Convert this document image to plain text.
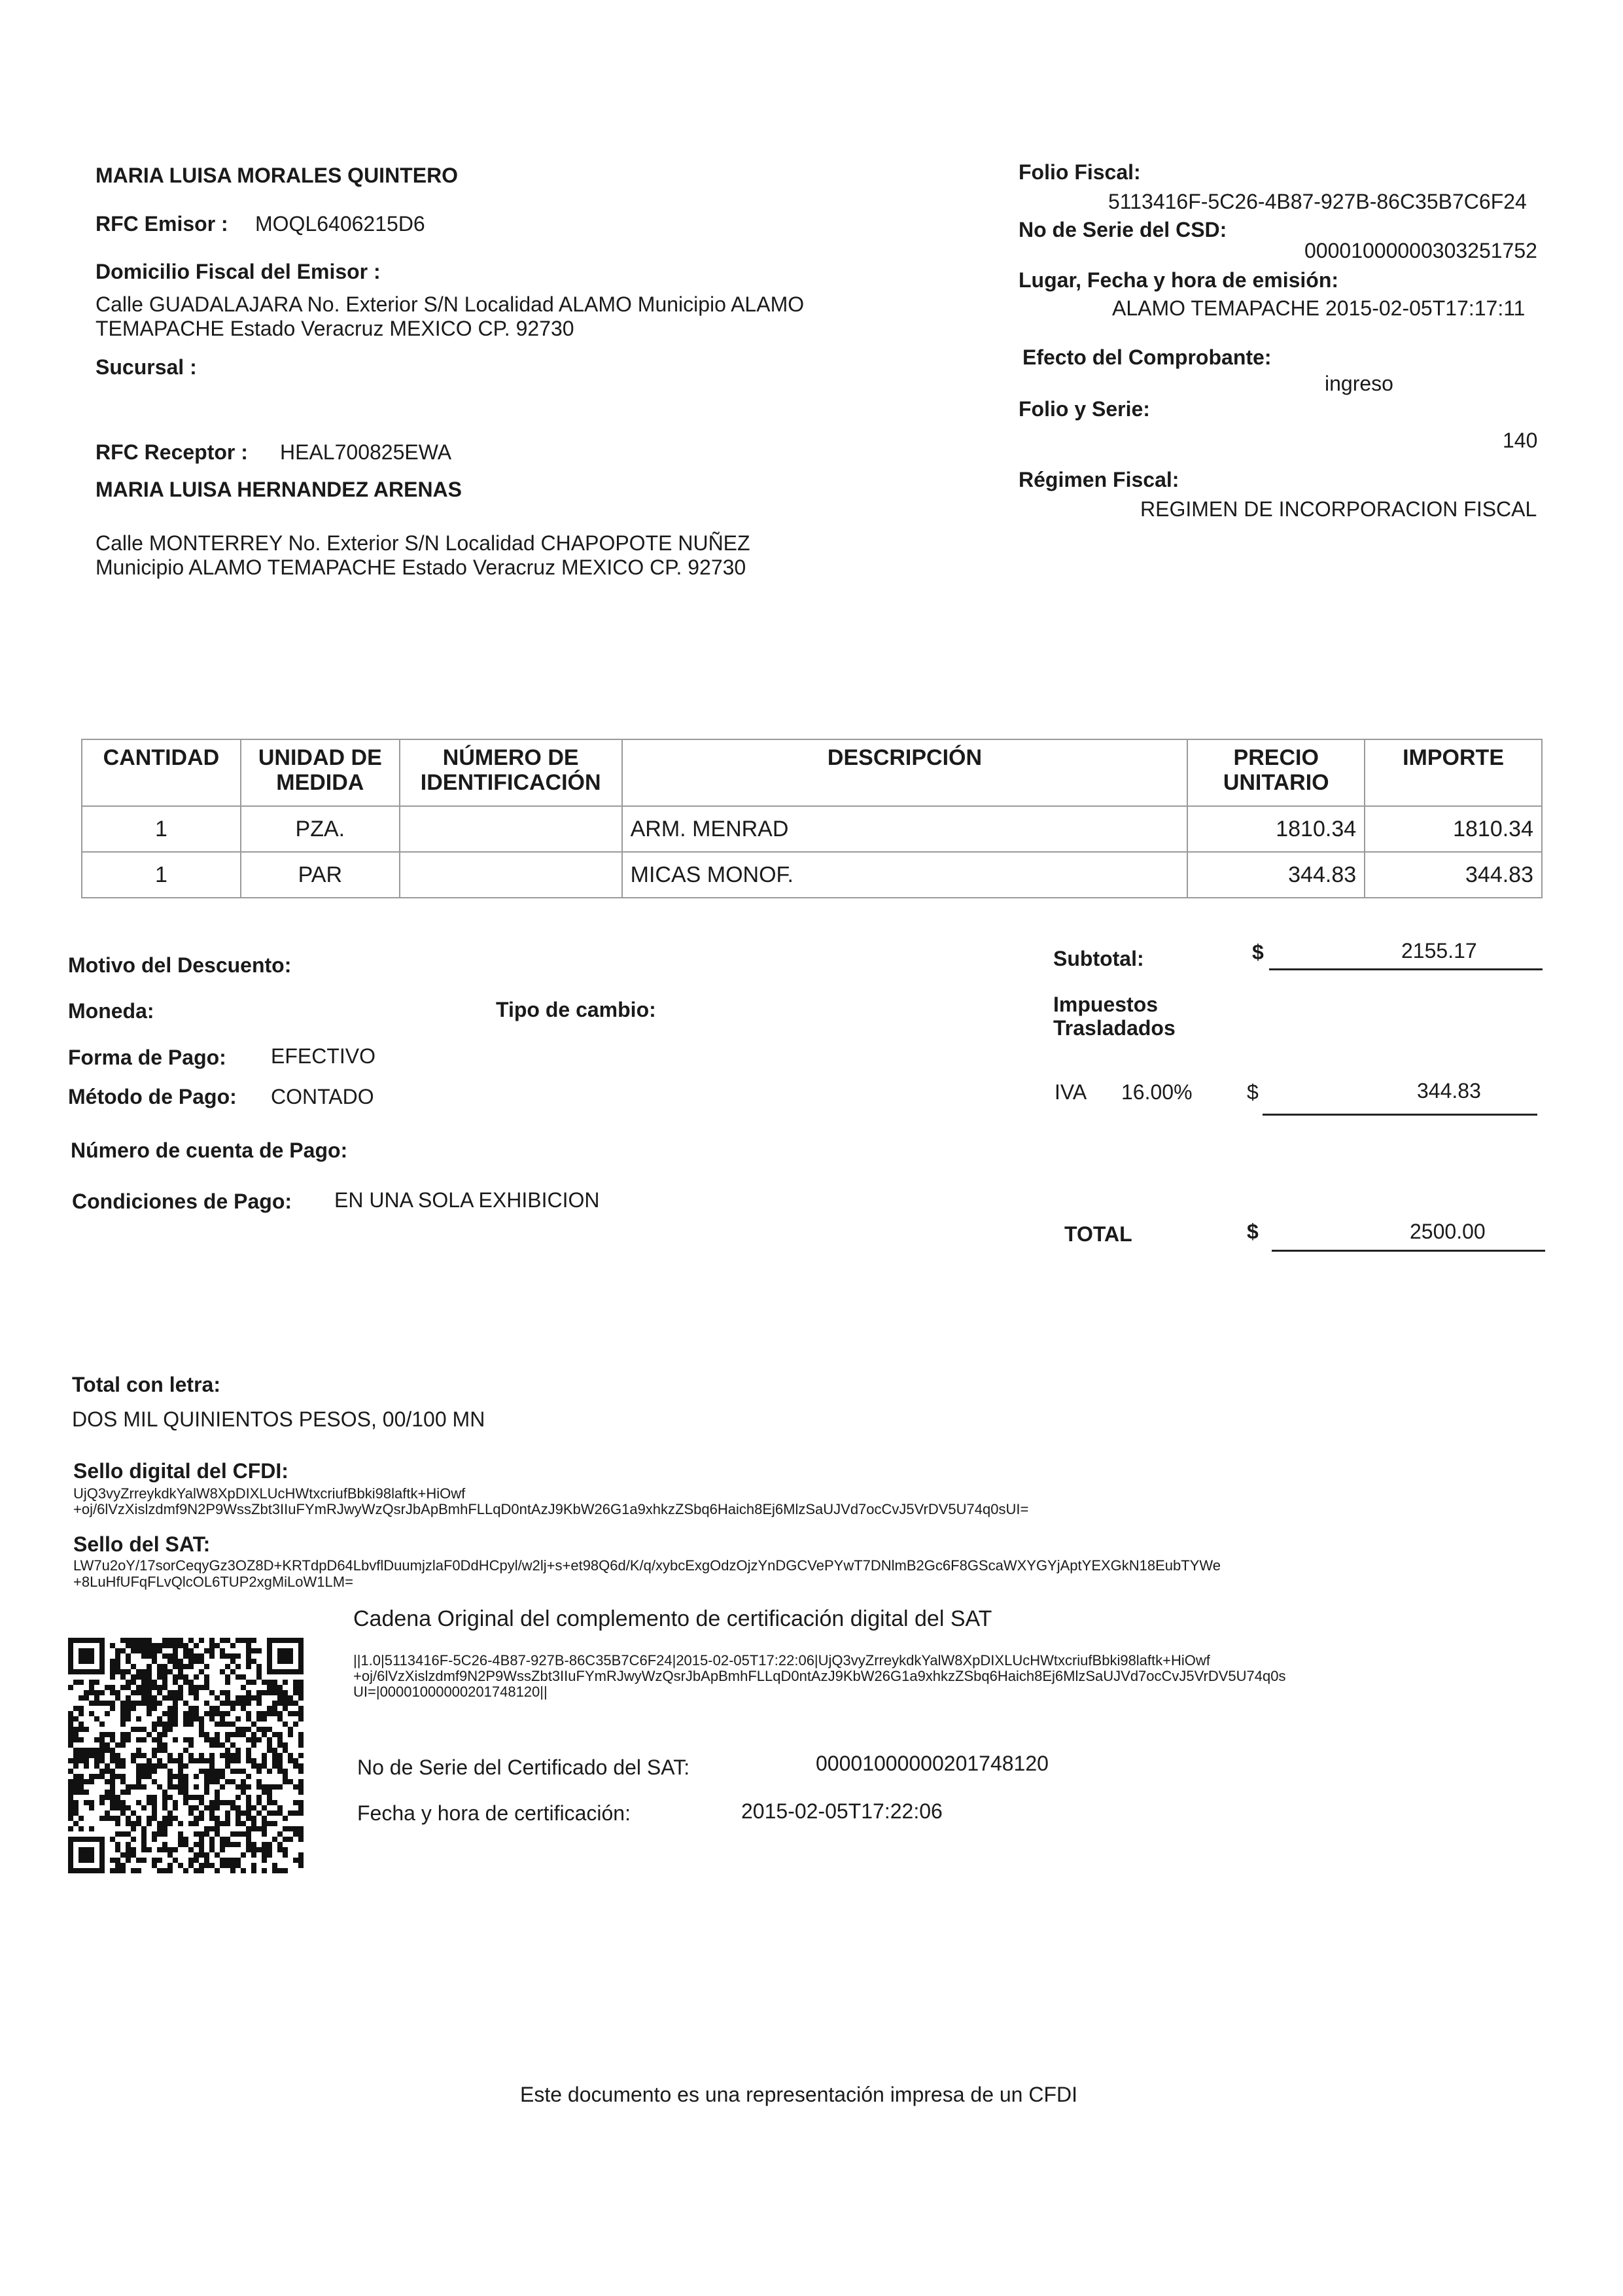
MARIA LUISA MORALES QUINTERO
RFC Emisor : MOQL6406215D6
Domicilio Fiscal del Emisor :
Calle GUADALAJARA No. Exterior S/N Localidad ALAMO Municipio ALAMO
TEMAPACHE Estado Veracruz MEXICO CP. 92730
Sucursal :
RFC Receptor : HEAL700825EWA
MARIA LUISA HERNANDEZ ARENAS
Calle MONTERREY No. Exterior S/N Localidad CHAPOPOTE NUÑEZ
Municipio ALAMO TEMAPACHE Estado Veracruz MEXICO CP. 92730
Folio Fiscal:
5113416F-5C26-4B87-927B-86C35B7C6F24
No de Serie del CSD:
00001000000303251752
Lugar, Fecha y hora de emisión:
ALAMO TEMAPACHE 2015-02-05T17:17:11
Efecto del Comprobante:
ingreso
Folio y Serie:
140
Régimen Fiscal:
REGIMEN DE INCORPORACION FISCAL
CANTIDAD	UNIDAD DE MEDIDA	NÚMERO DE IDENTIFICACIÓN	DESCRIPCIÓN	PRECIO UNITARIO	IMPORTE
1	PZA.		ARM. MENRAD	1810.34	1810.34
1	PAR		MICAS MONOF.	344.83	344.83
Motivo del Descuento:
Moneda:	Tipo de cambio:
Forma de Pago: EFECTIVO
Método de Pago: CONTADO
Número de cuenta de Pago:
Condiciones de Pago: EN UNA SOLA EXHIBICION
Subtotal:	$	2155.17
Impuestos
Trasladados
IVA 16.00%	$	344.83
TOTAL	$	2500.00
Total con letra:
DOS MIL QUINIENTOS PESOS, 00/100 MN
Sello digital del CFDI:
UjQ3vyZrreykdkYalW8XpDIXLUcHWtxcriufBbki98laftk+HiOwf
+oj/6lVzXislzdmf9N2P9WssZbt3IIuFYmRJwyWzQsrJbApBmhFLLqD0ntAzJ9KbW26G1a9xhkzZSbq6Haich8Ej6MlzSaUJVd7ocCvJ5VrDV5U74q0sUI=
Sello del SAT:
LW7u2oY/17sorCeqyGz3OZ8D+KRTdpD64LbvflDuumjzlaF0DdHCpyl/w2lj+s+et98Q6d/K/q/xybcExgOdzOjzYnDGCVePYwT7DNlmB2Gc6F8GScaWXYGYjAptYEXGkN18EubTYWe
+8LuHfUFqFLvQlcOL6TUP2xgMiLoW1LM=
Cadena Original del complemento de certificación digital del SAT
||1.0|5113416F-5C26-4B87-927B-86C35B7C6F24|2015-02-05T17:22:06|UjQ3vyZrreykdkYalW8XpDIXLUcHWtxcriufBbki98laftk+HiOwf
+oj/6lVzXislzdmf9N2P9WssZbt3IIuFYmRJwyWzQsrJbApBmhFLLqD0ntAzJ9KbW26G1a9xhkzZSbq6Haich8Ej6MlzSaUJVd7ocCvJ5VrDV5U74q0s
UI=|00001000000201748120||
No de Serie del Certificado del SAT:	00001000000201748120
Fecha y hora de certificación:	2015-02-05T17:22:06
Este documento es una representación impresa de un CFDI
